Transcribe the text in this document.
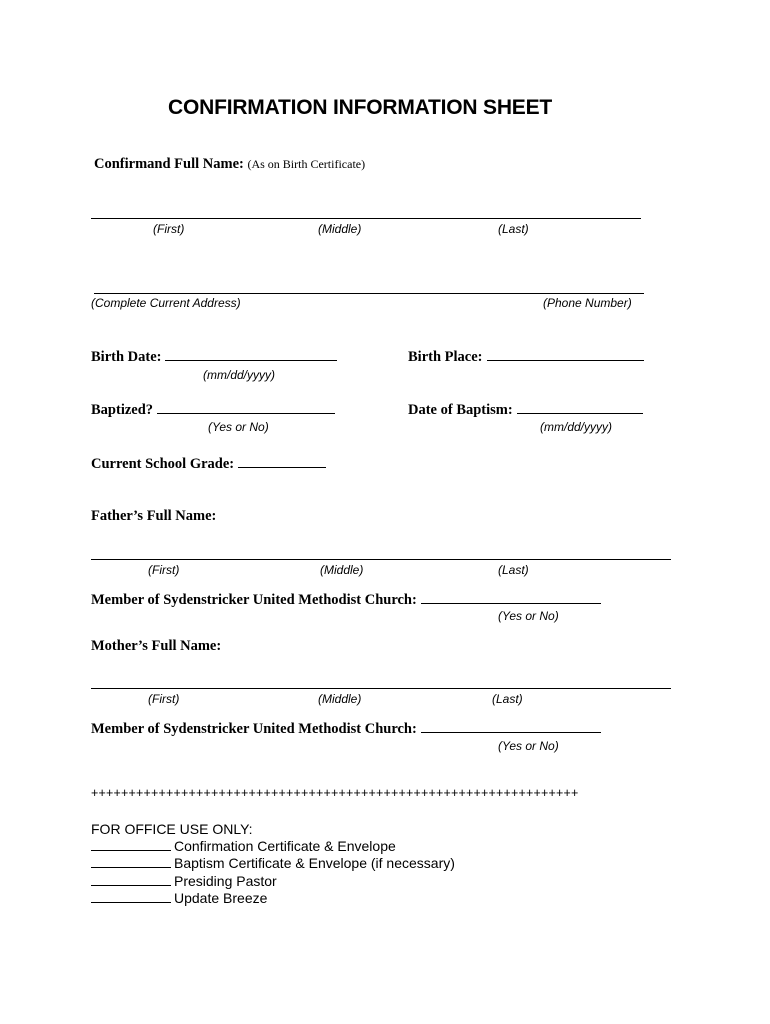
CONFIRMATION INFORMATION SHEET
Confirmand Full Name: (As on Birth Certificate)
(First)	(Middle)	(Last)
(Complete Current Address)	(Phone Number)
Birth Date:
(mm/dd/yyyy)
Birth Place:
Baptized?
(Yes or No)
Date of Baptism:
(mm/dd/yyyy)
Current School Grade:
Father’s Full Name:
(First)	(Middle)	(Last)
Member of Sydenstricker United Methodist Church:
(Yes or No)
Mother’s Full Name:
(First)	(Middle)	(Last)
Member of Sydenstricker United Methodist Church:
(Yes or No)
+++++++++++++++++++++++++++++++++++++++++++++++++++++++++++++++++
FOR OFFICE USE ONLY:
Confirmation Certificate & Envelope
Baptism Certificate & Envelope (if necessary)
Presiding Pastor
Update Breeze
